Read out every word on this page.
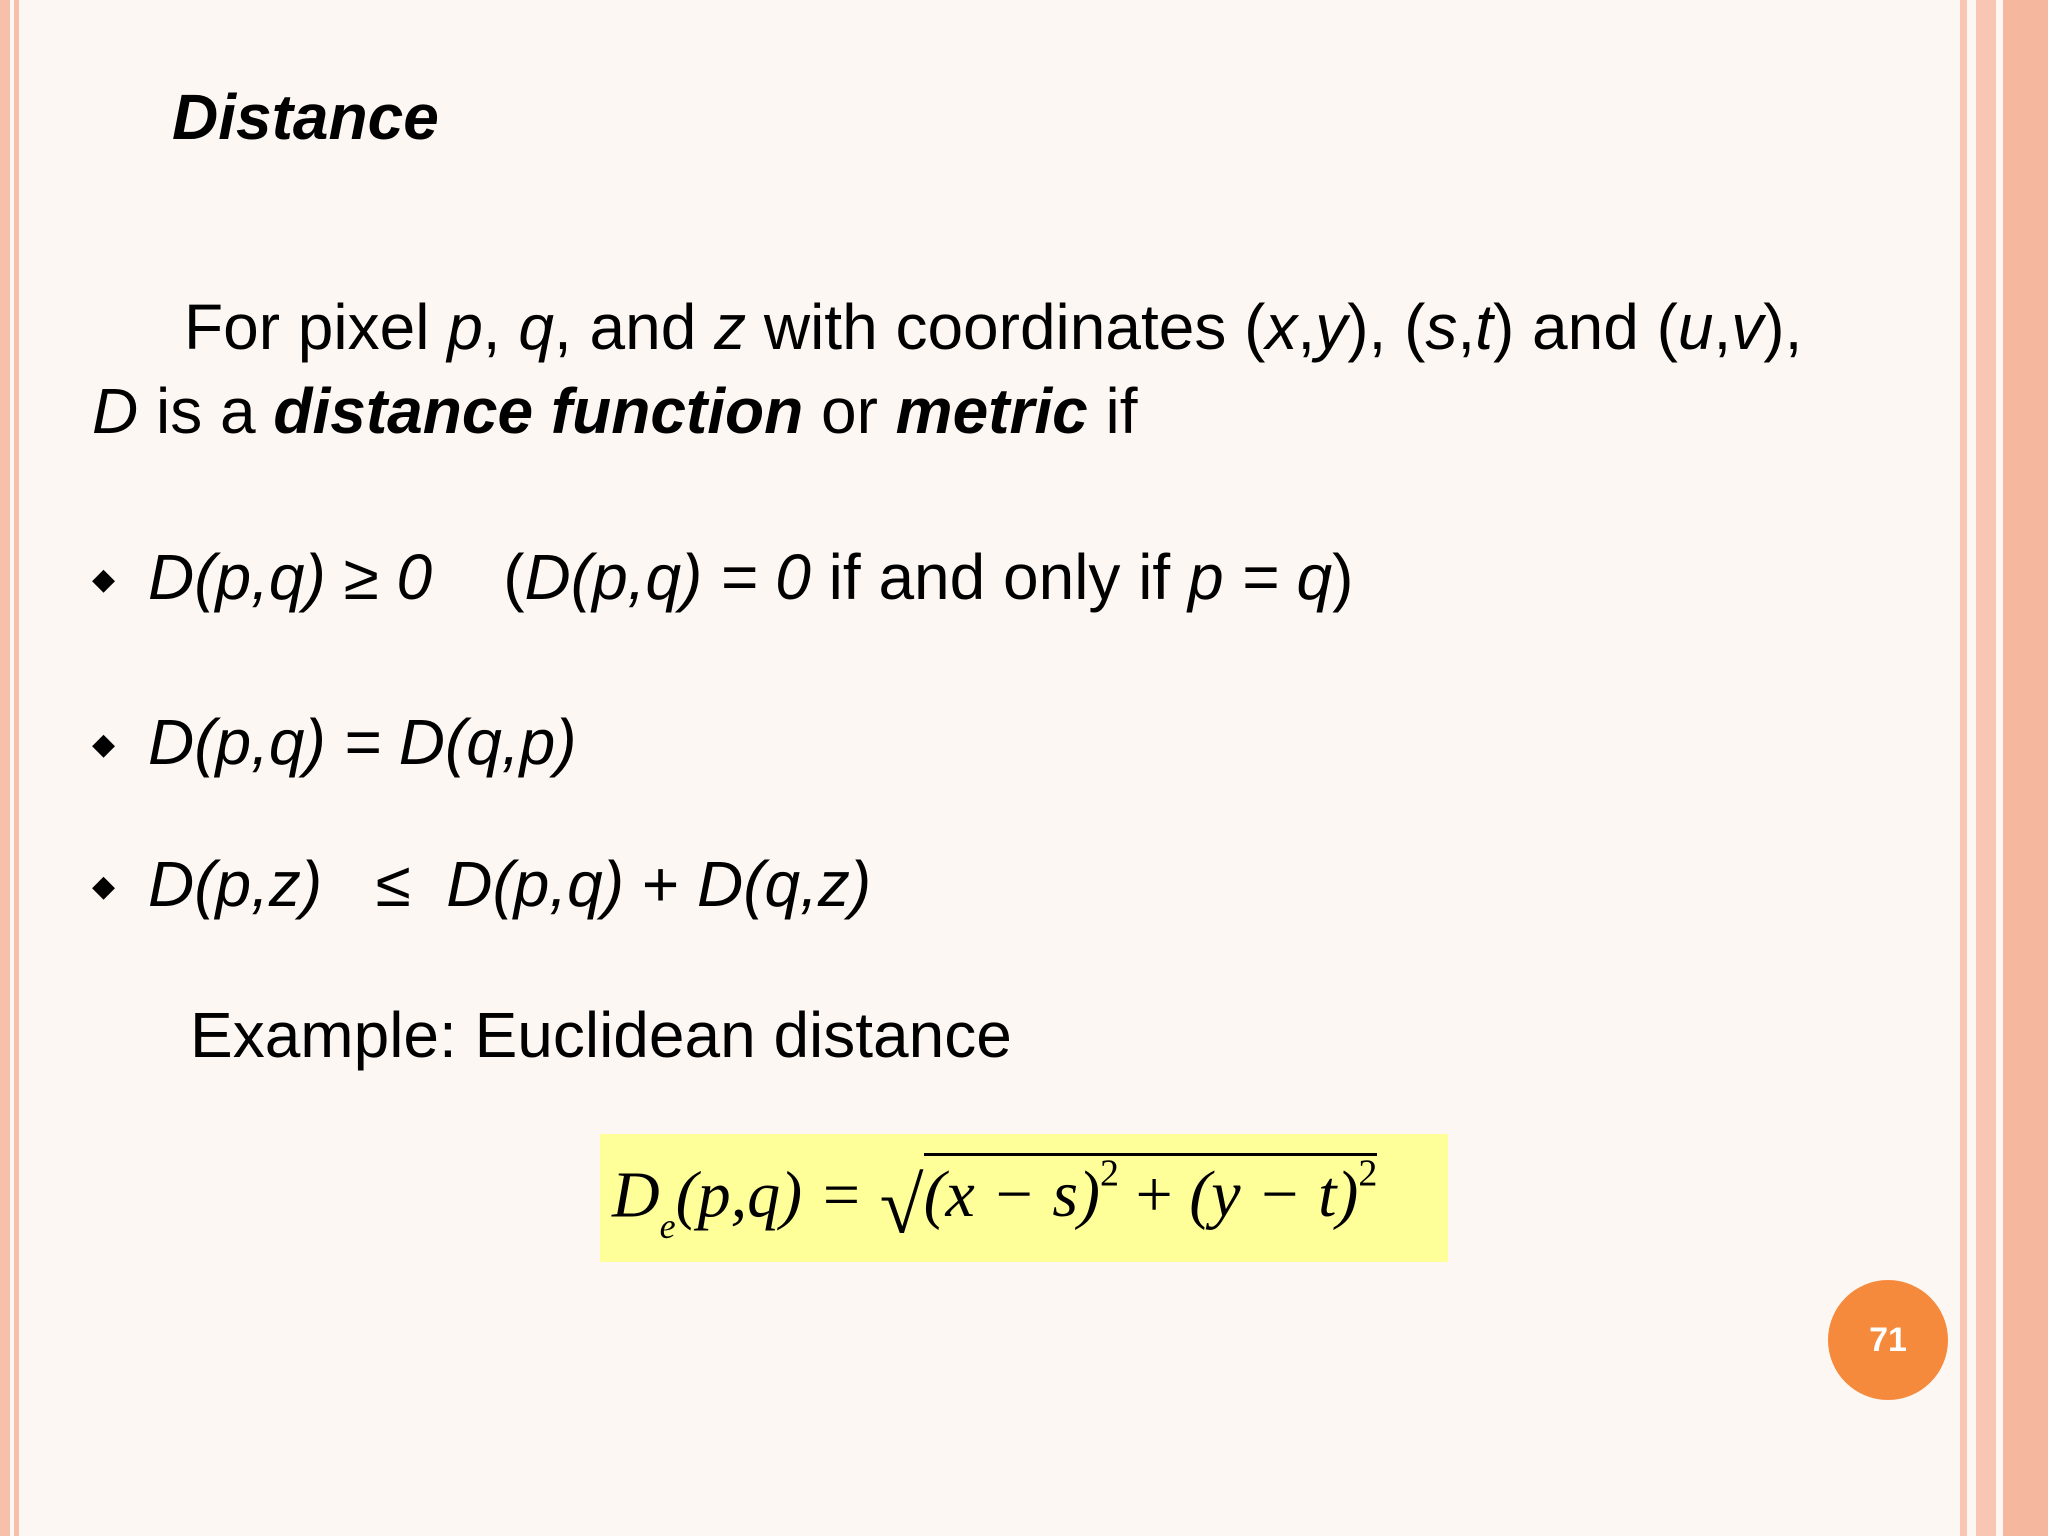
Distance
For pixel p, q, and z with coordinates (x,y), (s,t) and (u,v),
D is a distance function or metric if
◆ D(p,q) ≥ 0 (D(p,q) = 0 if and only if p = q)
◆ D(p,q) = D(q,p)
◆ D(p,z) ≤ D(p,q) + D(q,z)
Example: Euclidean distance
$D_e(p,q) = √(x - s)^2 + (y - t)^2$
71
